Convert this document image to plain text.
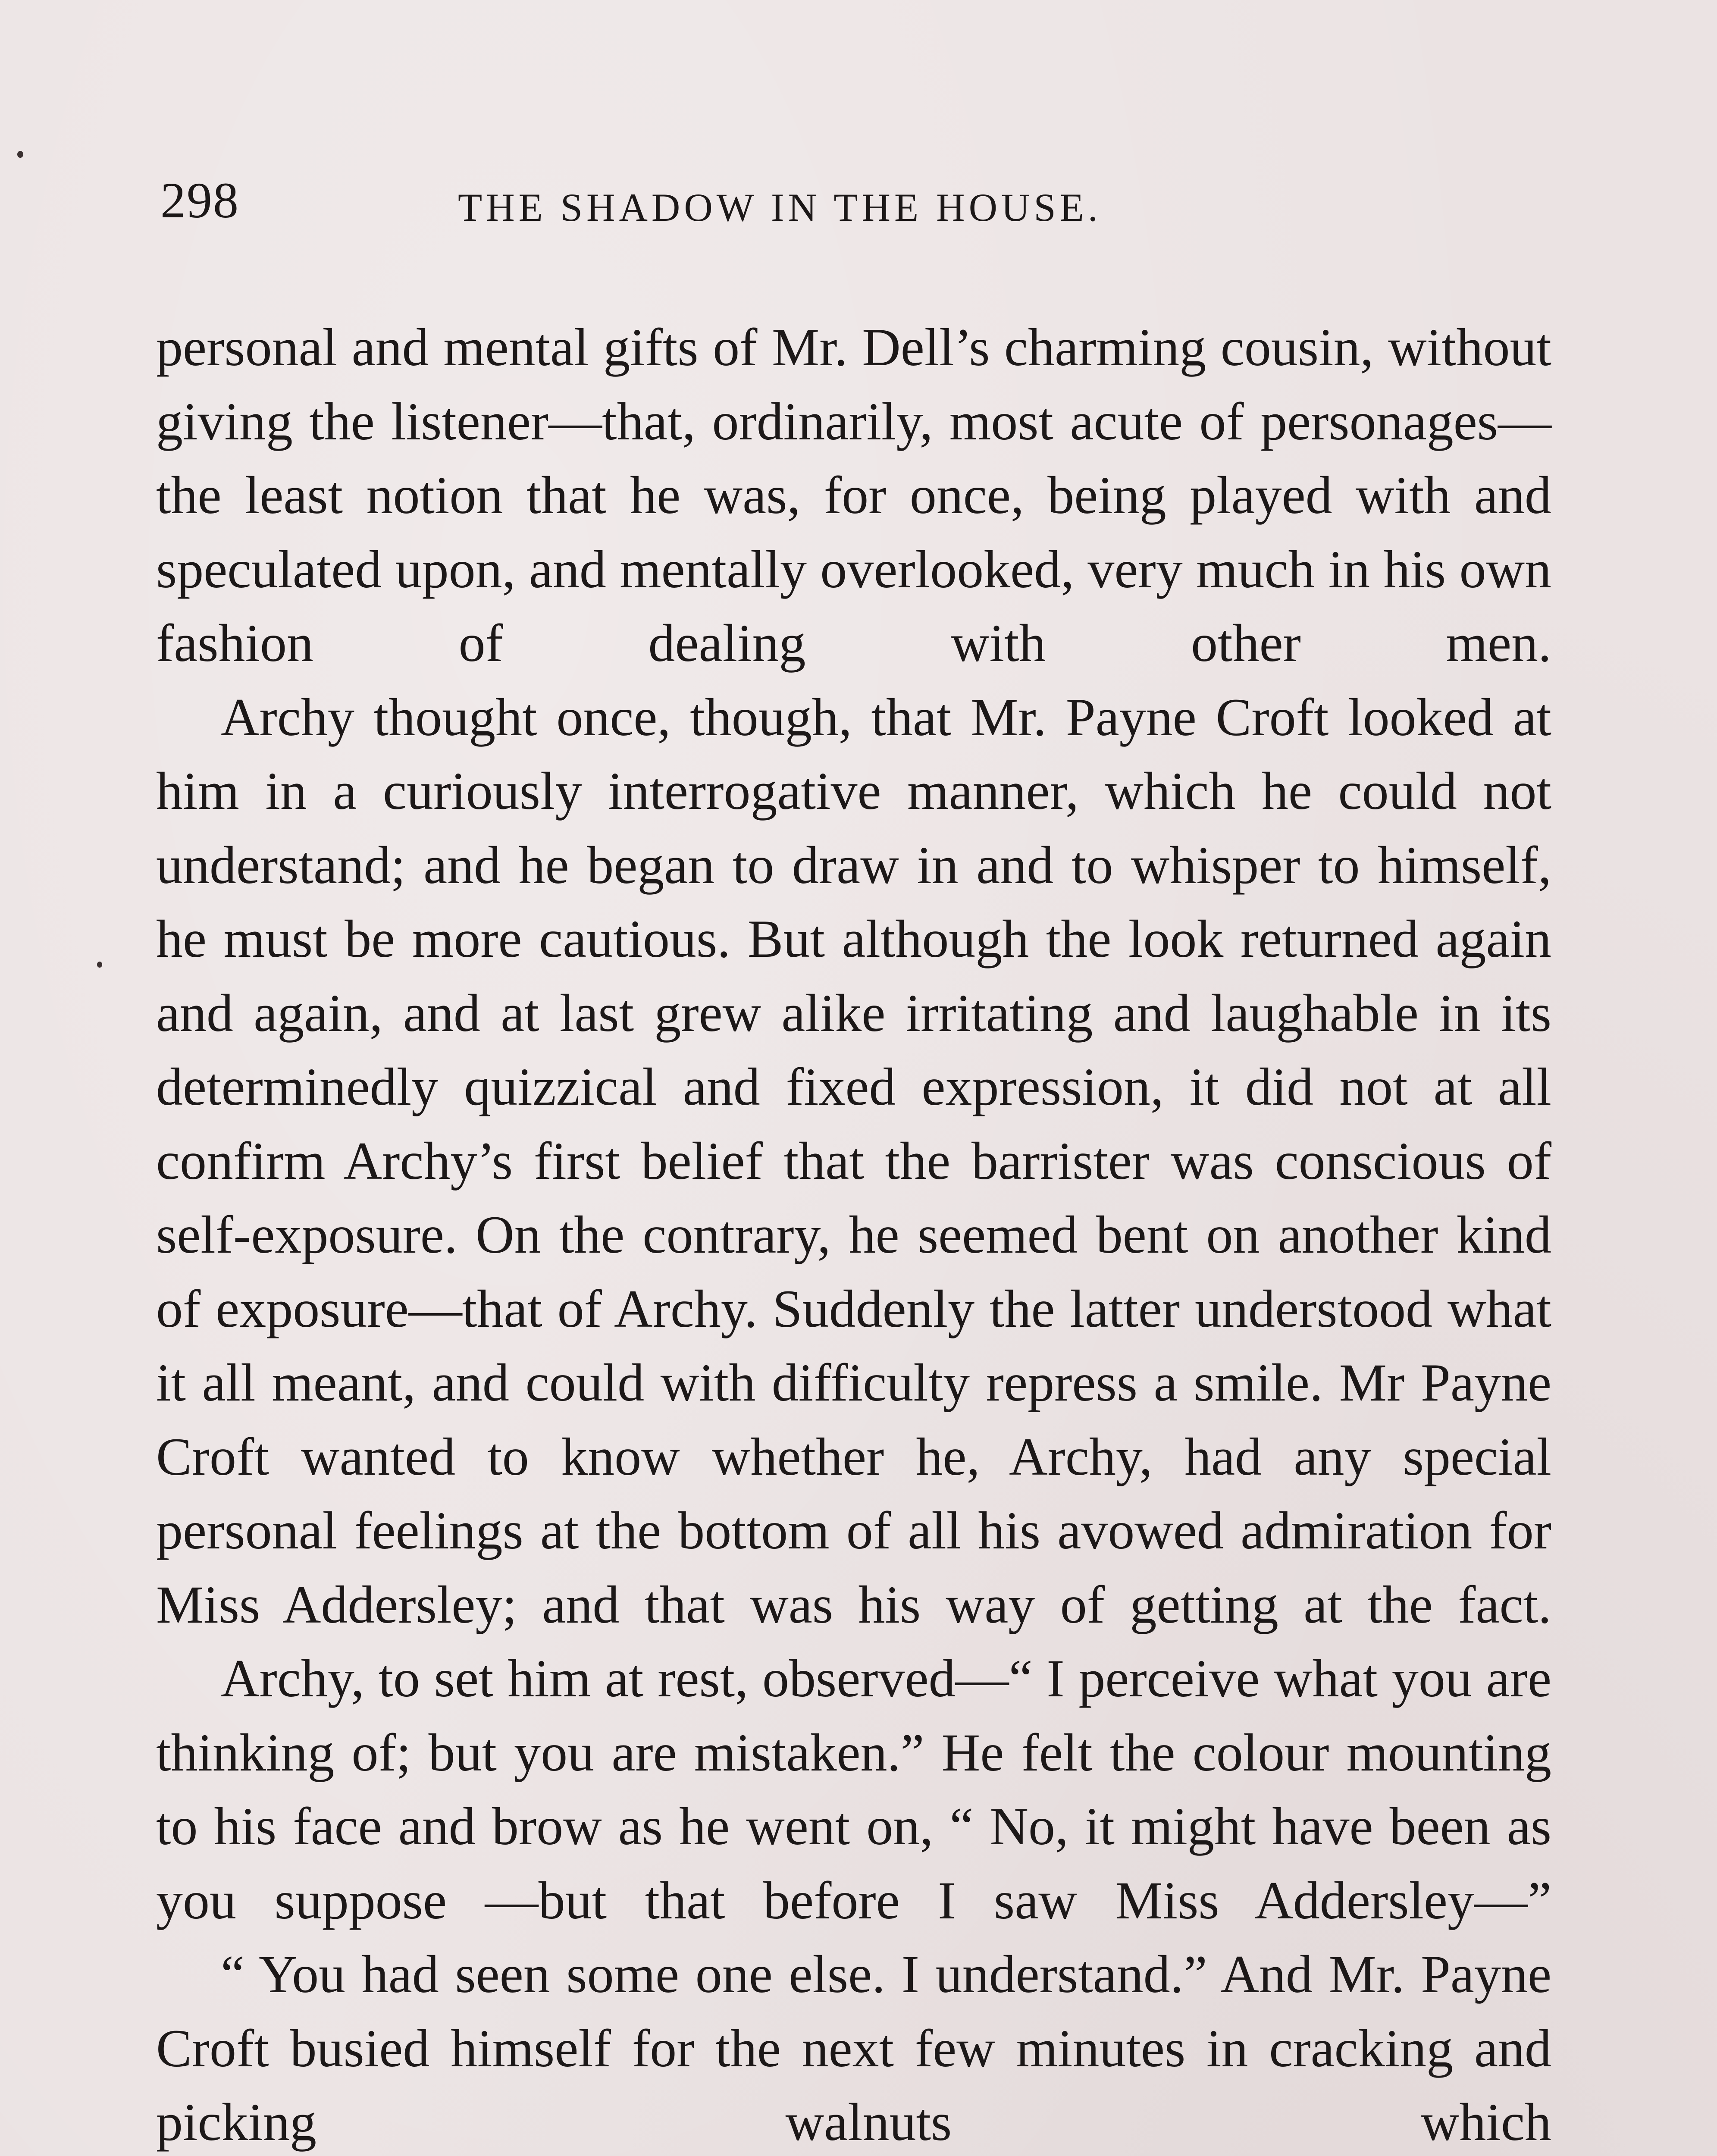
298	THE SHADOW IN THE HOUSE.

personal and mental gifts of Mr. Dell’s charming cousin, without giving the listener—that, ordinarily, most acute of personages—the least notion that he was, for once, being played with and speculated upon, and mentally overlooked, very much in his own fashion of dealing with other men.

Archy thought once, though, that Mr. Payne Croft looked at him in a curiously interrogative manner, which he could not understand; and he began to draw in and to whisper to himself, he must be more cautious. But although the look returned again and again, and at last grew alike irritating and laughable in its determinedly quizzical and fixed expression, it did not at all confirm Archy’s first belief that the barrister was conscious of self-exposure. On the contrary, he seemed bent on another kind of exposure—that of Archy. Suddenly the latter understood what it all meant, and could with difficulty repress a smile. Mr Payne Croft wanted to know whether he, Archy, had any special personal feelings at the bottom of all his avowed admiration for Miss Addersley; and that was his way of getting at the fact.

Archy, to set him at rest, observed—“ I perceive what you are thinking of; but you are mistaken.” He felt the colour mounting to his face and brow as he went on, “ No, it might have been as you suppose —but that before I saw Miss Addersley—”

“ You had seen some one else. I understand.” And Mr. Payne Croft busied himself for the next few minutes in cracking and picking walnuts which
